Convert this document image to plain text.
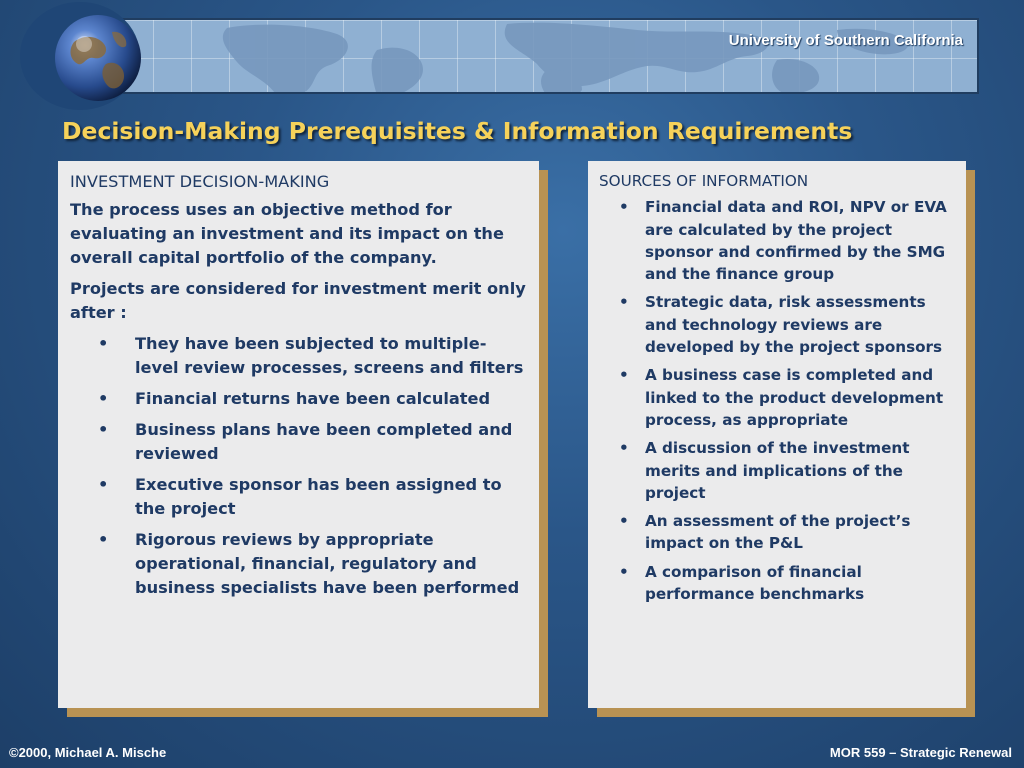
University of Southern California
Decision-Making Prerequisites & Information Requirements
INVESTMENT DECISION-MAKING
The process uses an objective method for evaluating an investment and its impact on the overall capital portfolio of the company.
Projects are considered for investment merit only after :
• They have been subjected to multiple-level review processes, screens and filters
• Financial returns have been calculated
• Business plans have been completed and reviewed
• Executive sponsor has been assigned to the project
• Rigorous reviews by appropriate operational, financial, regulatory and business specialists have been performed
SOURCES OF INFORMATION
• Financial data and ROI, NPV or EVA are calculated by the project sponsor and confirmed by the SMG and the finance group
• Strategic data, risk assessments and technology reviews are developed by the project sponsors
• A business case is completed and linked to the product development process, as appropriate
• A discussion of the investment merits and implications of the project
• An assessment of the project’s impact on the P&L
• A comparison of financial performance benchmarks
©2000, Michael A. Mische	MOR 559 – Strategic Renewal
